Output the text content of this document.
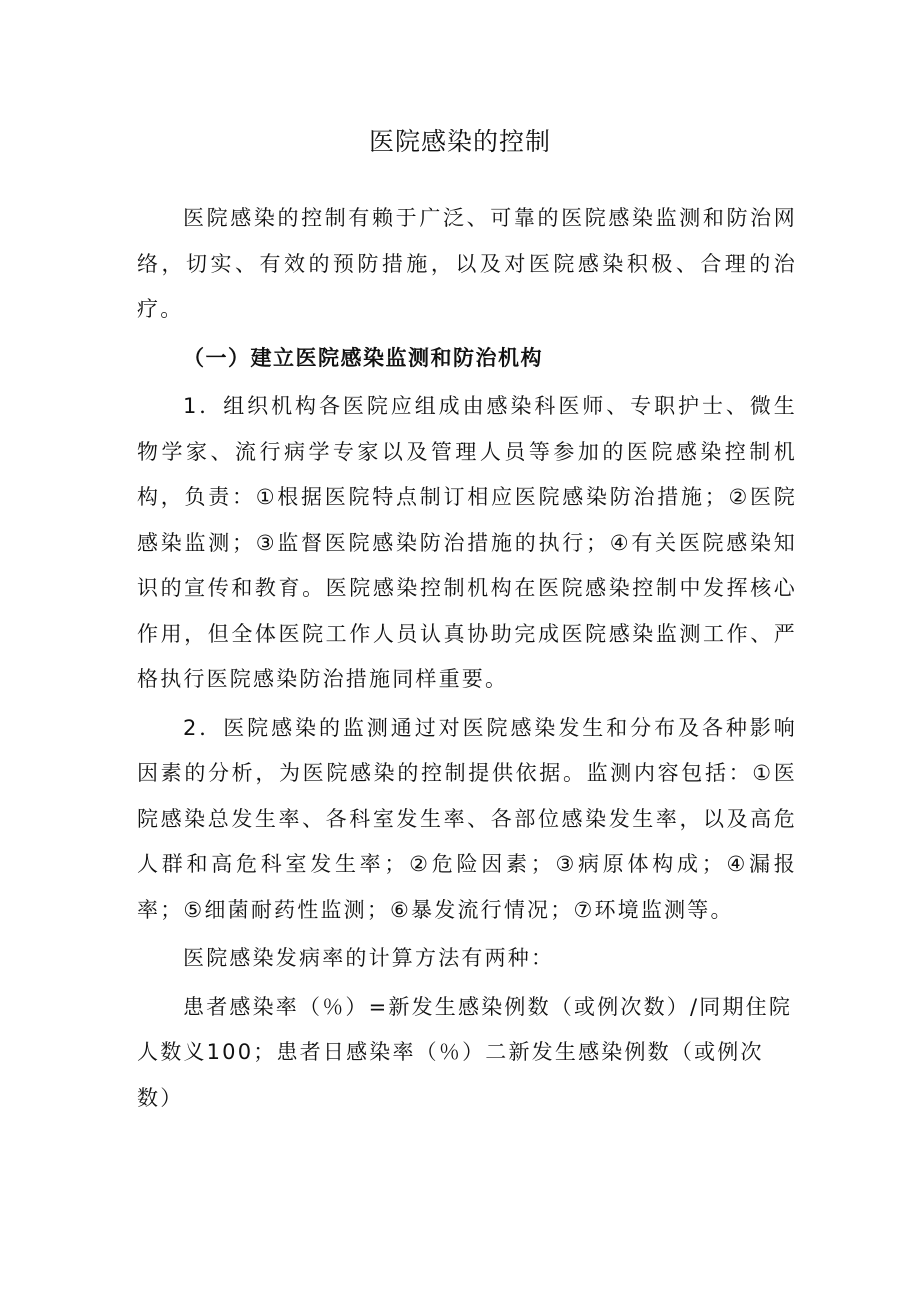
医院感染的控制

医院感染的控制有赖于广泛、可靠的医院感染监测和防治网络，切实、有效的预防措施，以及对医院感染积极、合理的治疗。

（一）建立医院感染监测和防治机构

1．组织机构各医院应组成由感染科医师、专职护士、微生物学家、流行病学专家以及管理人员等参加的医院感染控制机构，负责：①根据医院特点制订相应医院感染防治措施；②医院感染监测；③监督医院感染防治措施的执行；④有关医院感染知识的宣传和教育。医院感染控制机构在医院感染控制中发挥核心作用，但全体医院工作人员认真协助完成医院感染监测工作、严格执行医院感染防治措施同样重要。

2．医院感染的监测通过对医院感染发生和分布及各种影响因素的分析，为医院感染的控制提供依据。监测内容包括：①医院感染总发生率、各科室发生率、各部位感染发生率，以及高危人群和高危科室发生率；②危险因素；③病原体构成；④漏报率；⑤细菌耐药性监测；⑥暴发流行情况；⑦环境监测等。

医院感染发病率的计算方法有两种：

患者感染率（％）=新发生感染例数（或例次数）/同期住院人数义100；患者日感染率（％）二新发生感染例数（或例次数）
